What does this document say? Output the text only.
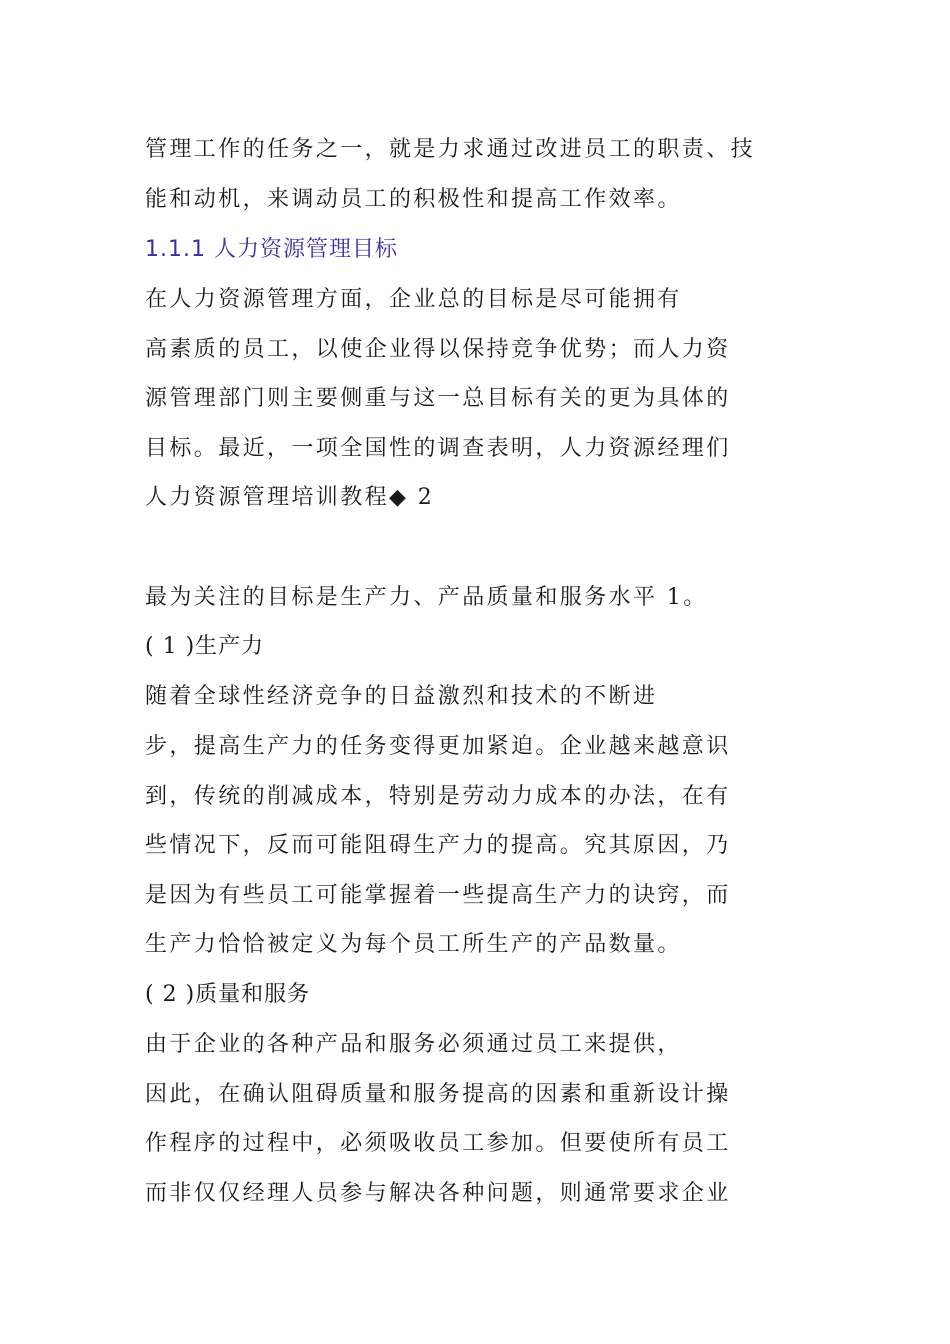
管理工作的任务之一，就是力求通过改进员工的职责、技
能和动机，来调动员工的积极性和提高工作效率。
1.1.1 人力资源管理目标
在人力资源管理方面，企业总的目标是尽可能拥有
高素质的员工，以使企业得以保持竞争优势；而人力资
源管理部门则主要侧重与这一总目标有关的更为具体的
目标。最近，一项全国性的调查表明，人力资源经理们
人力资源管理培训教程◆ 2
最为关注的目标是生产力、产品质量和服务水平 1。
( 1 )生产力
随着全球性经济竞争的日益激烈和技术的不断进
步，提高生产力的任务变得更加紧迫。企业越来越意识
到，传统的削减成本，特别是劳动力成本的办法，在有
些情况下，反而可能阻碍生产力的提高。究其原因，乃
是因为有些员工可能掌握着一些提高生产力的诀窍，而
生产力恰恰被定义为每个员工所生产的产品数量。
( 2 )质量和服务
由于企业的各种产品和服务必须通过员工来提供，
因此，在确认阻碍质量和服务提高的因素和重新设计操
作程序的过程中，必须吸收员工参加。但要使所有员工
而非仅仅经理人员参与解决各种问题，则通常要求企业
